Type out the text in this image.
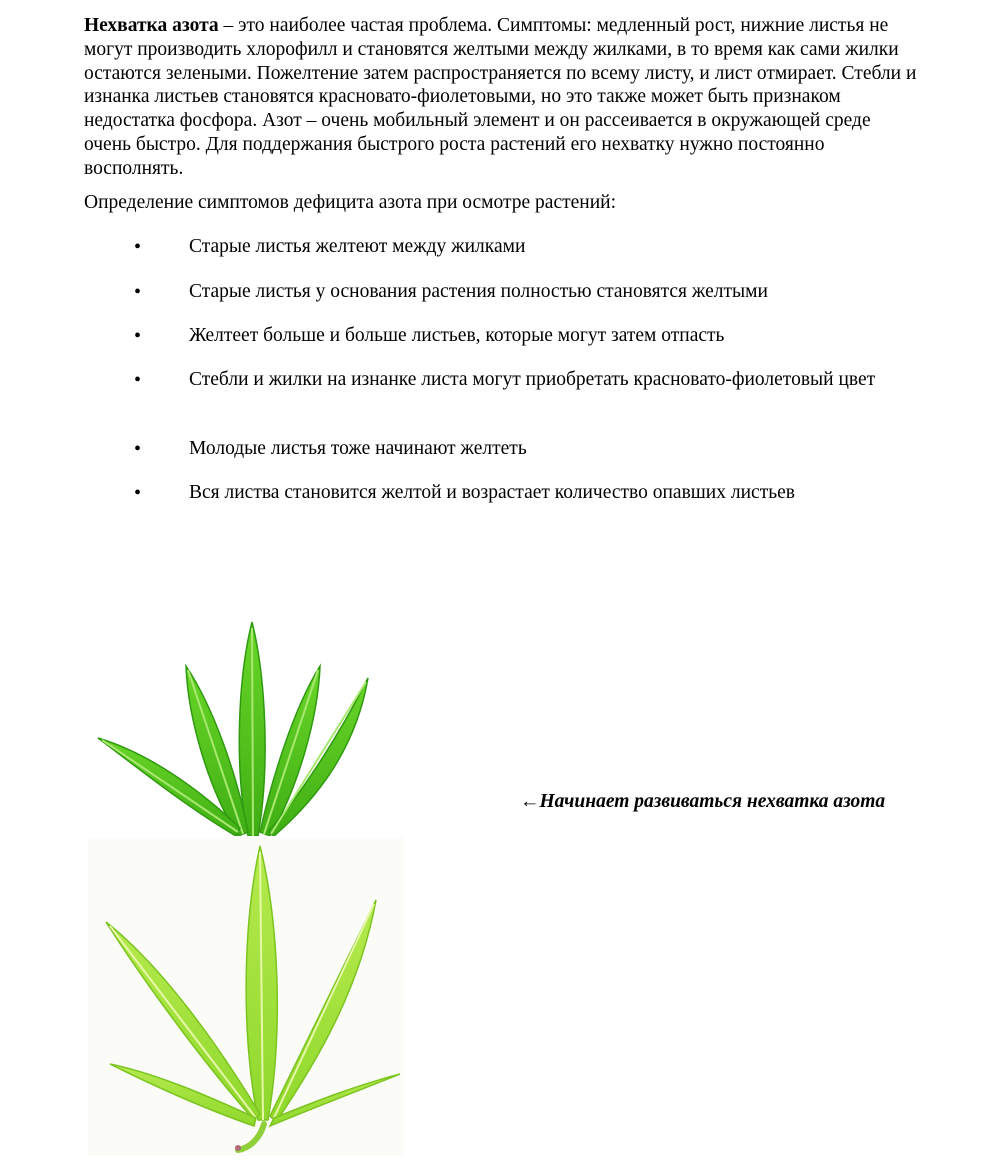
Нехватка азота – это наиболее частая проблема. Симптомы: медленный рост, нижние листья не могут производить хлорофилл и становятся желтыми между жилками, в то время как сами жилки остаются зелеными. Пожелтение затем распространяется по всему листу, и лист отмирает. Стебли и изнанка листьев становятся красновато-фиолетовыми, но это также может быть признаком недостатка фосфора. Азот – очень мобильный элемент и он рассеивается в окружающей среде очень быстро. Для поддержания быстрого роста растений его нехватку нужно постоянно восполнять.

Определение симптомов дефицита азота при осмотре растений:

•	Старые листья желтеют между жилками
•	Старые листья у основания растения полностью становятся желтыми
•	Желтеет больше и больше листьев, которые могут затем отпасть
•	Стебли и жилки на изнанке листа могут приобретать красновато-фиолетовый цвет
•	Молодые листья тоже начинают желтеть
•	Вся листва становится желтой и возрастает количество опавших листьев
←Начинает развиваться нехватка азота
